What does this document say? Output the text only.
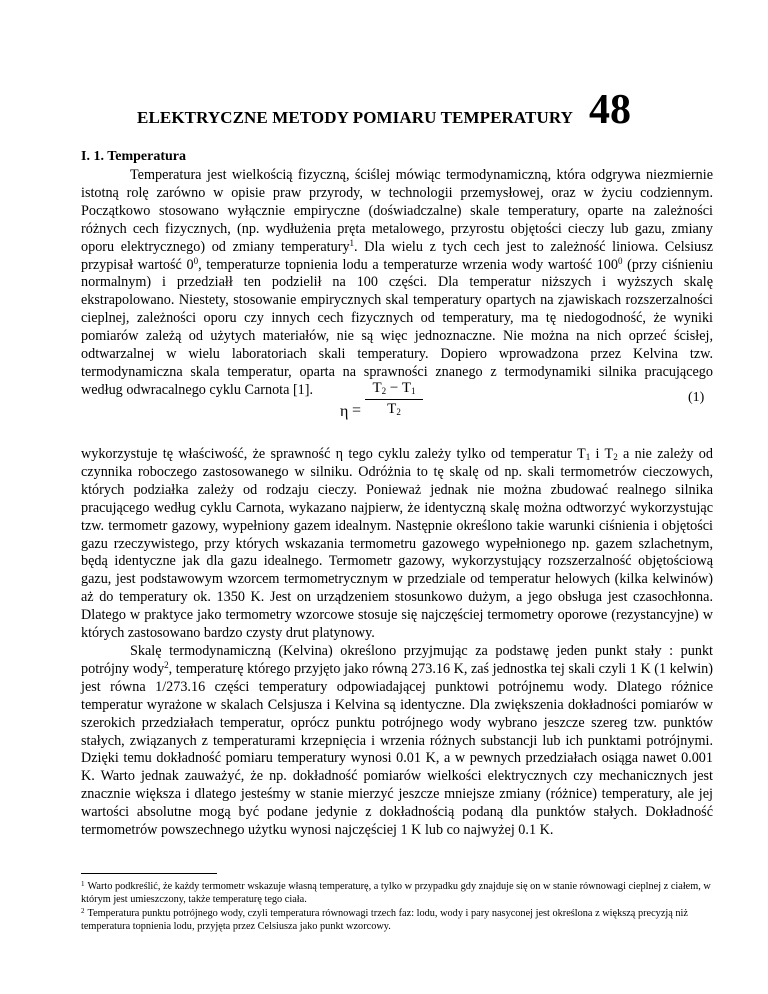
ELEKTRYCZNE METODY POMIARU TEMPERATURY 48
I. 1. Temperatura

Temperatura jest wielkością fizyczną, ściślej mówiąc termodynamiczną, która odgrywa niezmiernie istotną rolę zarówno w opisie praw przyrody, w technologii przemysłowej, oraz w życiu codziennym. Początkowo stosowano wyłącznie empiryczne (doświadczalne) skale temperatury, oparte na zależności różnych cech fizycznych, (np. wydłużenia pręta metalowego, przyrostu objętości cieczy lub gazu, zmiany oporu elektrycznego) od zmiany temperatury$^1$. Dla wielu z tych cech jest to zależność liniowa. Celsiusz przypisał wartość $0^0$, temperaturze topnienia lodu a temperaturze wrzenia wody wartość $100^0$ (przy ciśnieniu normalnym) i przedziałł ten podzielił na 100 części. Dla temperatur niższych i wyższych skalę ekstrapolowano. Niestety, stosowanie empirycznych skal temperatury opartych na zjawiskach rozszerzalności cieplnej, zależności oporu czy innych cech fizycznych od temperatury, ma tę niedogodność, że wyniki pomiarów zależą od użytych materiałów, nie są więc jednoznaczne. Nie można na nich oprzeć ścisłej, odtwarzalnej w wielu laboratoriach skali temperatury. Dopiero wprowadzona przez Kelvina tzw. termodynamiczna skala temperatur, oparta na sprawności znanego z termodynamiki silnika pracującego według odwracalnego cyklu Carnota [1].

η =
$T_2 - T_1$
$T_2$
(1)

wykorzystuje tę właściwość, że sprawność η tego cyklu zależy tylko od temperatur $T_1$ i $T_2$ a nie zależy od czynnika roboczego zastosowanego w silniku. Odróżnia to tę skalę od np. skali termometrów cieczowych, których podziałka zależy od rodzaju cieczy. Ponieważ jednak nie można zbudować realnego silnika pracującego według cyklu Carnota, wykazano najpierw, że identyczną skalę można odtworzyć wykorzystując tzw. termometr gazowy, wypełniony gazem idealnym. Następnie określono takie warunki ciśnienia i objętości gazu rzeczywistego, przy których wskazania termometru gazowego wypełnionego np. gazem szlachetnym, będą identyczne jak dla gazu idealnego. Termometr gazowy, wykorzystujący rozszerzalność objętościową gazu, jest podstawowym wzorcem termometrycznym w przedziale od temperatur helowych (kilka kelwinów) aż do temperatury ok. 1350 K. Jest on urządzeniem stosunkowo dużym, a jego obsługa jest czasochłonna. Dlatego w praktyce jako termometry wzorcowe stosuje się najczęściej termometry oporowe (rezystancyjne) w których zastosowano bardzo czysty drut platynowy.

Skalę termodynamiczną (Kelvina) określono przyjmując za podstawę jeden punkt stały : punkt potrójny wody$^2$, temperaturę którego przyjęto jako równą 273.16 K, zaś jednostka tej skali czyli 1 K (1 kelwin) jest równa 1/273.16 części temperatury odpowiadającej punktowi potrójnemu wody. Dlatego różnice temperatur wyrażone w skalach Celsjusza i Kelvina są identyczne. Dla zwiększenia dokładności pomiarów w szerokich przedziałach temperatur, oprócz punktu potrójnego wody wybrano jeszcze szereg tzw. punktów stałych, związanych z temperaturami krzepnięcia i wrzenia różnych substancji lub ich punktami potrójnymi. Dzięki temu dokładność pomiaru temperatury wynosi 0.01 K, a w pewnych przedziałach osiąga nawet 0.001 K. Warto jednak zauważyć, że np. dokładność pomiarów wielkości elektrycznych czy mechanicznych jest znacznie większa i dlatego jesteśmy w stanie mierzyć jeszcze mniejsze zmiany (różnice) temperatury, ale jej wartości absolutne mogą być podane jedynie z dokładnością podaną dla punktów stałych. Dokładność termometrów powszechnego użytku wynosi najczęściej 1 K lub co najwyżej 0.1 K.

$^1$ Warto podkreślić, że każdy termometr wskazuje własną temperaturę, a tylko w przypadku gdy znajduje się on w stanie równowagi cieplnej z ciałem, w którym jest umieszczony, także temperaturę tego ciała.

$^2$ Temperatura punktu potrójnego wody, czyli temperatura równowagi trzech faz: lodu, wody i pary nasyconej jest określona z większą precyzją niż temperatura topnienia lodu, przyjęta przez Celsiusza jako punkt wzorcowy.
